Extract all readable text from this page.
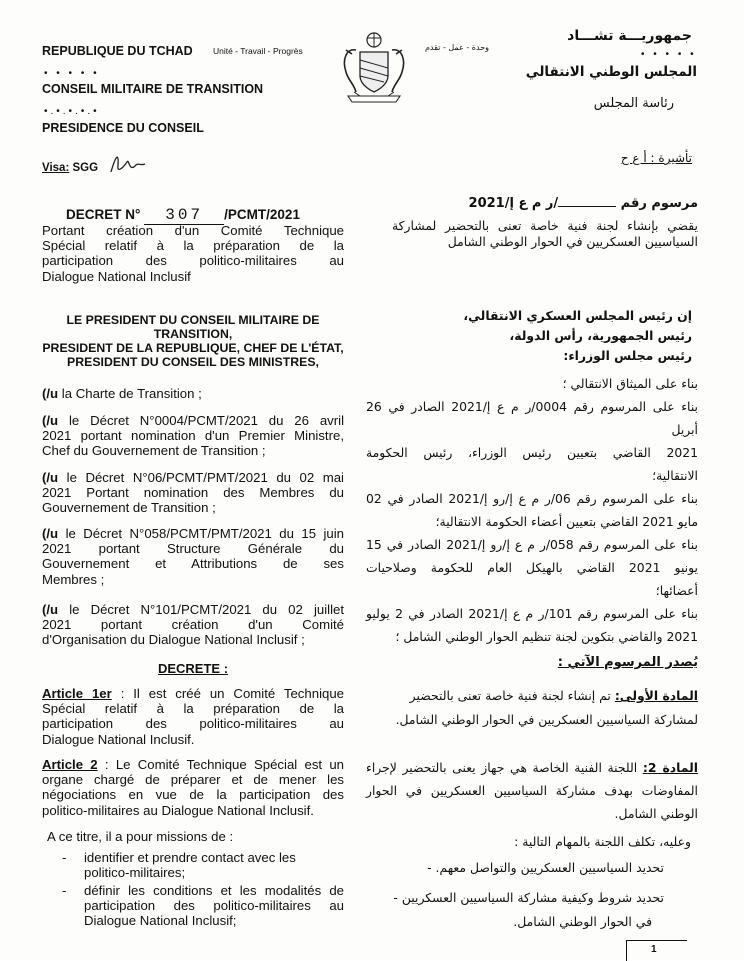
REPUBLIQUE DU TCHAD Unité - Travail - Progrès
• • • • •
CONSEIL MILITAIRE DE TRANSITION
•.•.•.•.•
PRESIDENCE DU CONSEIL
Visa: SGG
جمهوريـــة تشـــاد
وحدة - عمل - تقدم
• • • • •
المجلس الوطني الانتقالي
رئاسة المجلس
تأشيرة : أ ع ح
DECRET N° 307 /PCMT/2021
Portant création d'un Comité Technique
Spécial relatif à la préparation de la
participation des politico-militaires au
Dialogue National Inclusif
مرسوم رقم /ر م ع إ/2021
يقضي بإنشاء لجنة فنية خاصة تعنى بالتحضير لمشاركة
السياسيين العسكريين في الحوار الوطني الشامل
LE PRESIDENT DU CONSEIL MILITAIRE DE
TRANSITION,
PRESIDENT DE LA REPUBLIQUE, CHEF DE L'ÉTAT,
PRESIDENT DU CONSEIL DES MINISTRES,
إن رئيس المجلس العسكري الانتقالي،
رئيس الجمهورية، رأس الدولة،
رئيس مجلس الوزراء:
(/u la Charte de Transition ;
(/u le Décret N°0004/PCMT/2021 du 26 avril
2021 portant nomination d'un Premier Ministre,
Chef du Gouvernement de Transition ;
(/u le Décret N°06/PCMT/PMT/2021 du 02 mai
2021 Portant nomination des Membres du
Gouvernement de Transition ;
(/u le Décret N°058/PCMT/PMT/2021 du 15 juin
2021 portant Structure Générale du
Gouvernement et Attributions de ses
Membres ;
(/u le Décret N°101/PCMT/2021 du 02 juillet
2021 portant création d'un Comité
d'Organisation du Dialogue National Inclusif ;
بناء على الميثاق الانتقالي ؛
بناء على المرسوم رقم 0004/ر م ع إ/2021 الصادر في 26 أبريل
2021 القاضي بتعيين رئيس الوزراء، رئيس الحكومة
الانتقالية؛
بناء على المرسوم رقم 06/ر م ع إ/رو إ/2021 الصادر في 02
مايو 2021 القاضي بتعيين أعضاء الحكومة الانتقالية؛
بناء على المرسوم رقم 058/ر م ع إ/رو إ/2021 الصادر في 15
يونيو 2021 القاضي بالهيكل العام للحكومة وصلاحيات
أعضائها؛
بناء على المرسوم رقم 101/ر م ع إ/2021 الصادر في 2 يوليو
2021 والقاضي بتكوين لجنة تنظيم الحوار الوطني الشامل ؛
DECRETE :	يُصدر المرسوم الآتي :
Article 1er : Il est créé un Comité Technique
Spécial relatif à la préparation de la
participation des politico-militaires au
Dialogue National Inclusif.
المادة الأولى: تم إنشاء لجنة فنية خاصة تعنى بالتحضير
لمشاركة السياسيين العسكريين في الحوار الوطني الشامل.
Article 2 : Le Comité Technique Spécial est un
organe chargé de préparer et de mener les
négociations en vue de la participation des
politico-militaires au Dialogue National Inclusif.
المادة 2: اللجنة الفنية الخاصة هي جهاز يعنى بالتحضير لإجراء
المفاوضات بهدف مشاركة السياسيين العسكريين في الحوار
الوطني الشامل.
A ce titre, il a pour missions de :
- identifier et prendre contact avec les
politico-militaires;
- définir les conditions et les modalités de
participation des politico-militaires au
Dialogue National Inclusif;
وعليه، تكلف اللجنة بالمهام التالية :
تحديد السياسيين العسكريين والتواصل معهم. -
تحديد شروط وكيفية مشاركة السياسيين العسكريين -
في الحوار الوطني الشامل.
1
